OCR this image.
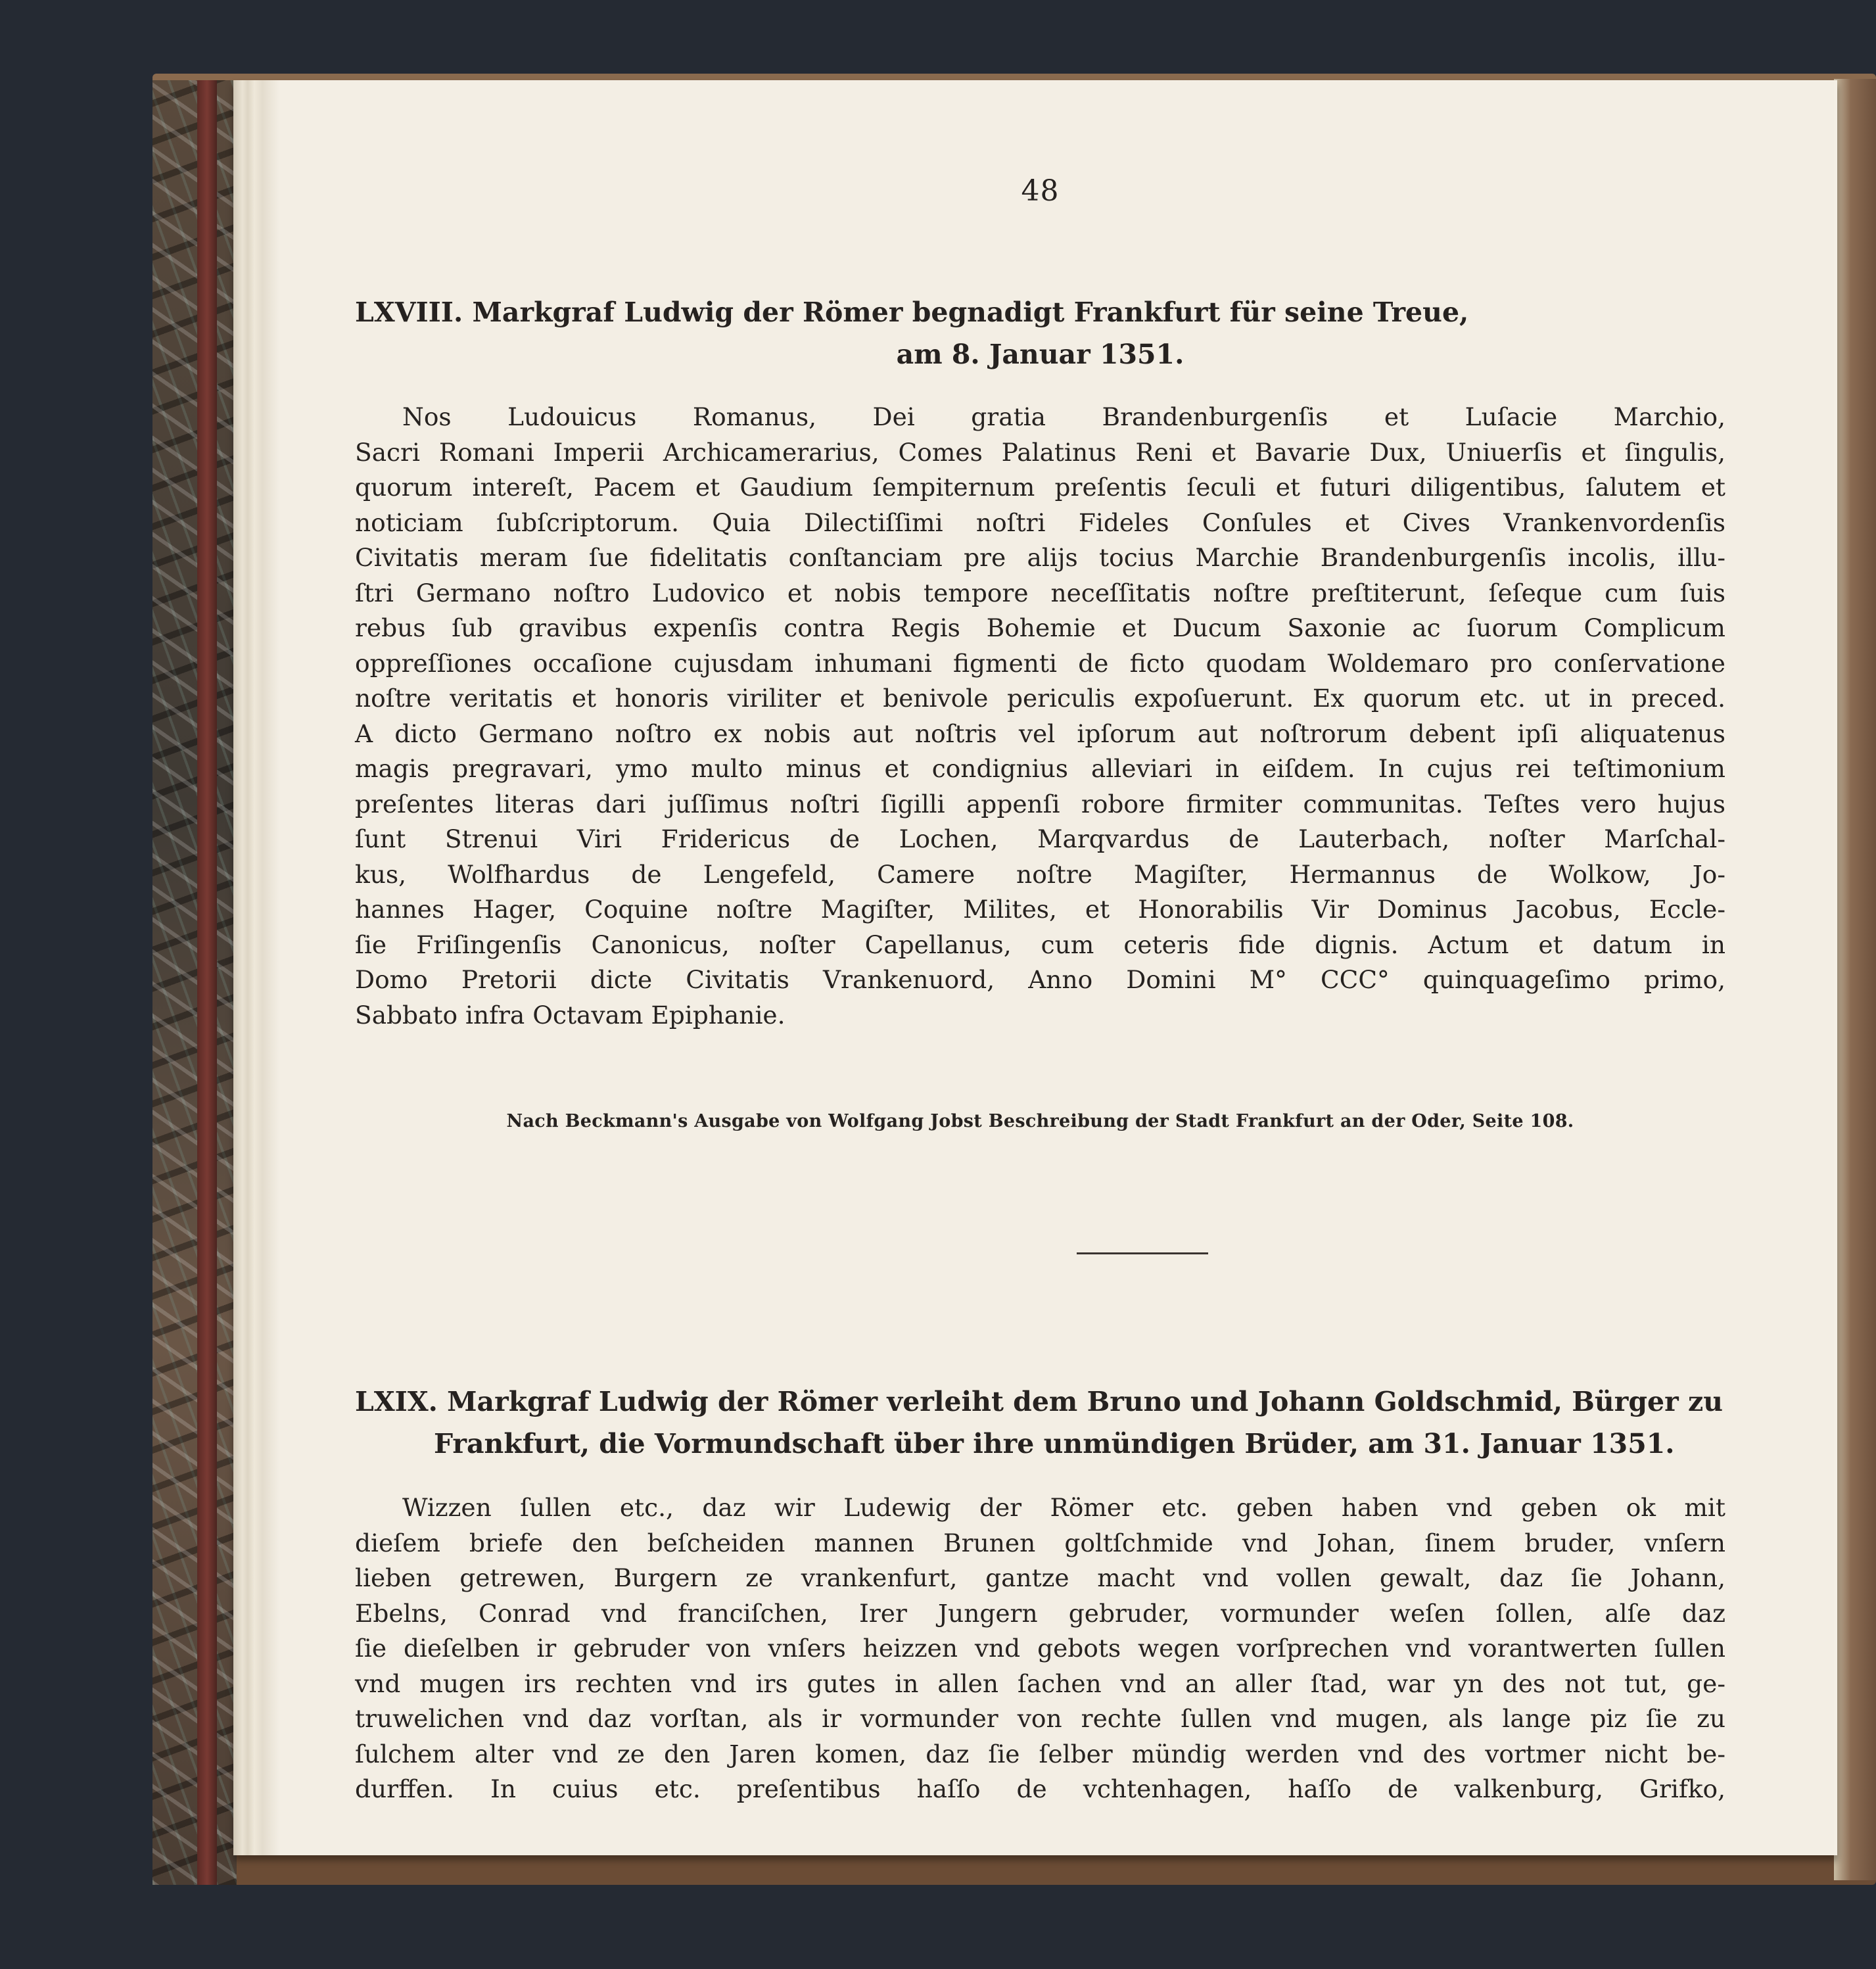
48
LXVIII. Markgraf Ludwig der Römer begnadigt Frankfurt für seine Treue,
am 8. Januar 1351.
Nos Ludouicus Romanus, Dei gratia Brandenburgenſis et Luſacie Marchio,
Sacri Romani Imperii Archicamerarius, Comes Palatinus Reni et Bavarie Dux, Uniuerſis et ſingulis,
quorum intereſt, Pacem et Gaudium ſempiternum preſentis ſeculi et futuri diligentibus, ſalutem et
noticiam ſubſcriptorum. Quia Dilectiſſimi noſtri Fideles Conſules et Cives Vrankenvordenſis
Civitatis meram ſue fidelitatis conſtanciam pre alijs tocius Marchie Brandenburgenſis incolis, illu-
ſtri Germano noſtro Ludovico et nobis tempore neceſſitatis noſtre preſtiterunt, ſeſeque cum ſuis
rebus ſub gravibus expenſis contra Regis Bohemie et Ducum Saxonie ac ſuorum Complicum
oppreſſiones occaſione cujusdam inhumani figmenti de ficto quodam Woldemaro pro conſervatione
noſtre veritatis et honoris viriliter et benivole periculis expoſuerunt. Ex quorum etc. ut in preced.
A dicto Germano noſtro ex nobis aut noſtris vel ipſorum aut noſtrorum debent ipſi aliquatenus
magis pregravari, ymo multo minus et condignius alleviari in eiſdem. In cujus rei teſtimonium
preſentes literas dari juſſimus noſtri ſigilli appenſi robore firmiter communitas. Teſtes vero hujus
ſunt Strenui Viri Fridericus de Lochen, Marqvardus de Lauterbach, noſter Marſchal-
kus, Wolfhardus de Lengefeld, Camere noſtre Magiſter, Hermannus de Wolkow, Jo-
hannes Hager, Coquine noſtre Magiſter, Milites, et Honorabilis Vir Dominus Jacobus, Eccle-
ſie Friſingenſis Canonicus, noſter Capellanus, cum ceteris fide dignis. Actum et datum in
Domo Pretorii dicte Civitatis Vrankenuord, Anno Domini M° CCC° quinquageſimo primo,
Sabbato infra Octavam Epiphanie.
Nach Beckmann's Ausgabe von Wolfgang Jobst Beschreibung der Stadt Frankfurt an der Oder, Seite 108.
LXIX. Markgraf Ludwig der Römer verleiht dem Bruno und Johann Goldschmid, Bürger zu
Frankfurt, die Vormundschaft über ihre unmündigen Brüder, am 31. Januar 1351.
Wizzen ſullen etc., daz wir Ludewig der Römer etc. geben haben vnd geben ok mit
dieſem briefe den beſcheiden mannen Brunen goltſchmide vnd Johan, ſinem bruder, vnſern
lieben getrewen, Burgern ze vrankenfurt, gantze macht vnd vollen gewalt, daz ſie Johann,
Ebelns, Conrad vnd franciſchen, Irer Jungern gebruder, vormunder weſen ſollen, alſe daz
ſie dieſelben ir gebruder von vnſers heizzen vnd gebots wegen vorſprechen vnd vorantwerten ſullen
vnd mugen irs rechten vnd irs gutes in allen ſachen vnd an aller ſtad, war yn des not tut, ge-
truwelichen vnd daz vorſtan, als ir vormunder von rechte ſullen vnd mugen, als lange piz ſie zu
ſulchem alter vnd ze den Jaren komen, daz ſie ſelber mündig werden vnd des vortmer nicht be-
durffen. In cuius etc. preſentibus haſſo de vchtenhagen, haſſo de valkenburg, Grifko,
